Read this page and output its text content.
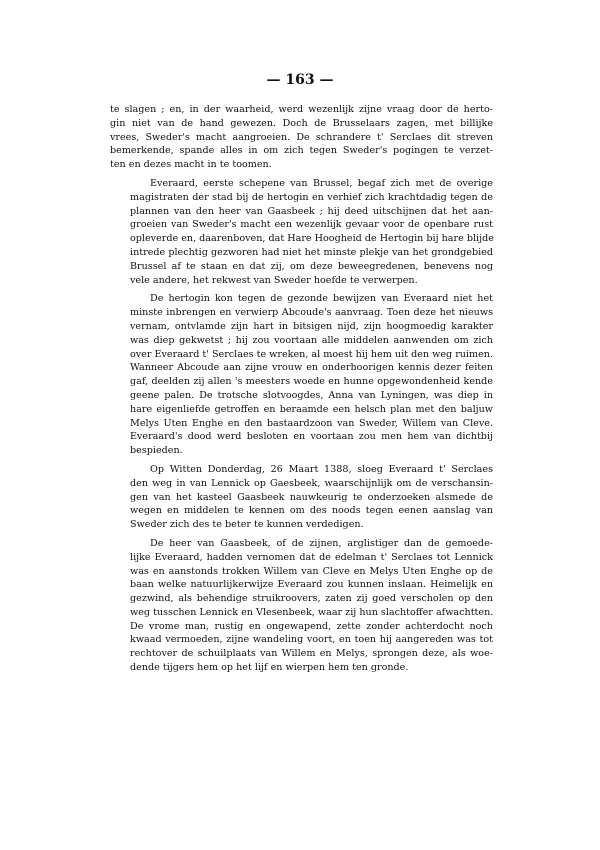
— 163 —
te slagen ; en, in der waarheid, werd wezenlijk zijne vraag door de herto-
gin niet van de hand gewezen. Doch de Brusselaars zagen, met billijke
vrees, Sweder's macht aangroeien. De schrandere t' Serclaes dit streven
bemerkende, spande alles in om zich tegen Sweder's pogingen te verzet-
ten en dezes macht in te toomen.
Everaard, eerste schepene van Brussel, begaf zich met de overige
magistraten der stad bij de hertogin en verhief zich krachtdadig tegen de
plannen van den heer van Gaasbeek ; hij deed uitschijnen dat het aan-
groeien van Sweder's macht een wezenlijk gevaar voor de openbare rust
opleverde en, daarenboven, dat Hare Hoogheid de Hertogin bij hare blijde
intrede plechtig gezworen had niet het minste plekje van het grondgebied
Brussel af te staan en dat zij, om deze beweegredenen, benevens nog
vele andere, het rekwest van Sweder hoefde te verwerpen.
De hertogin kon tegen de gezonde bewijzen van Everaard niet het
minste inbrengen en verwierp Abcoude's aanvraag. Toen deze het nieuws
vernam, ontvlamde zijn hart in bitsigen nijd, zijn hoogmoedig karakter
was diep gekwetst ; hij zou voortaan alle middelen aanwenden om zich
over Everaard t' Serclaes te wreken, al moest hij hem uit den weg ruimen.
Wanneer Abcoude aan zijne vrouw en onderhoorigen kennis dezer feiten
gaf, deelden zij allen 's meesters woede en hunne opgewondenheid kende
geene palen. De trotsche slotvoogdes, Anna van Lyningen, was diep in
hare eigenliefde getroffen en beraamde een helsch plan met den baljuw
Melys Uten Enghe en den bastaardzoon van Sweder, Willem van Cleve.
Everaard's dood werd besloten en voortaan zou men hem van dichtbij
bespieden.
Op Witten Donderdag, 26 Maart 1388, sloeg Everaard t' Serclaes
den weg in van Lennick op Gaesbeek, waarschijnlijk om de verschansin-
gen van het kasteel Gaasbeek nauwkeurig te onderzoeken alsmede de
wegen en middelen te kennen om des noods tegen eenen aanslag van
Sweder zich des te beter te kunnen verdedigen.
De heer van Gaasbeek, of de zijnen, arglistiger dan de gemoede-
lijke Everaard, hadden vernomen dat de edelman t' Serclaes tot Lennick
was en aanstonds trokken Willem van Cleve en Melys Uten Enghe op de
baan welke natuurlijkerwijze Everaard zou kunnen inslaan. Heimelijk en
gezwind, als behendige struikroovers, zaten zij goed verscholen op den
weg tusschen Lennick en Vlesenbeek, waar zij hun slachtoffer afwachtten.
De vrome man, rustig en ongewapend, zette zonder achterdocht noch
kwaad vermoeden, zijne wandeling voort, en toen hij aangereden was tot
rechtover de schuilplaats van Willem en Melys, sprongen deze, als woe-
dende tijgers hem op het lijf en wierpen hem ten gronde.
